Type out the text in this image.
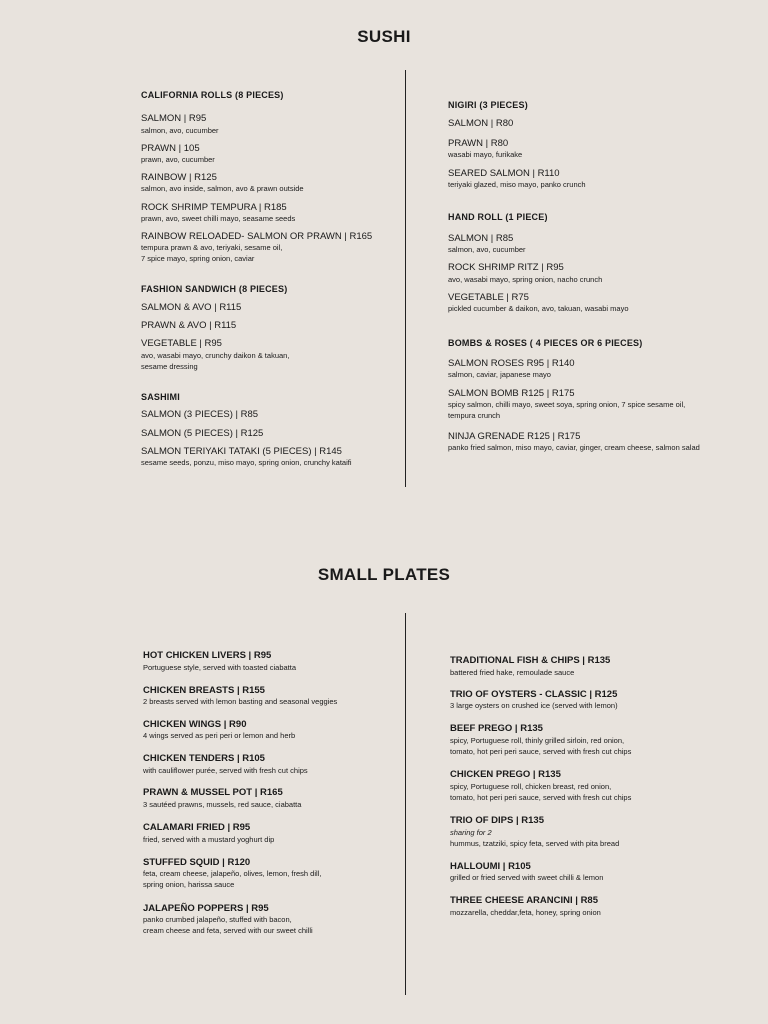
SUSHI
CALIFORNIA ROLLS (8 PIECES)
SALMON | R95
salmon, avo, cucumber
PRAWN | 105
prawn, avo, cucumber
RAINBOW | R125
salmon, avo inside, salmon, avo & prawn outside
ROCK SHRIMP TEMPURA | R185
prawn, avo, sweet chilli mayo, seasame seeds
RAINBOW RELOADED- SALMON OR PRAWN | R165
tempura prawn & avo, teriyaki, sesame oil,
7 spice mayo, spring onion, caviar
FASHION SANDWICH (8 PIECES)
SALMON & AVO | R115
PRAWN & AVO | R115
VEGETABLE | R95
avo, wasabi mayo, crunchy daikon & takuan,
sesame dressing
SASHIMI
SALMON (3 PIECES) | R85
SALMON (5 PIECES) | R125
SALMON TERIYAKI TATAKI (5 PIECES) | R145
sesame seeds, ponzu, miso mayo, spring onion, crunchy kataifi
NIGIRI (3 PIECES)
SALMON | R80
PRAWN | R80
wasabi mayo, furikake
SEARED SALMON | R110
teriyaki glazed, miso mayo, panko crunch
HAND ROLL (1 PIECE)
SALMON | R85
salmon, avo, cucumber
ROCK SHRIMP RITZ | R95
avo, wasabi mayo, spring onion, nacho crunch
VEGETABLE | R75
pickled cucumber & daikon, avo, takuan, wasabi mayo
BOMBS & ROSES ( 4 PIECES OR 6 PIECES)
SALMON ROSES R95 | R140
salmon, caviar, japanese mayo
SALMON BOMB R125 | R175
spicy salmon, chilli mayo, sweet soya, spring onion, 7 spice sesame oil,
tempura crunch
NINJA GRENADE R125 | R175
panko fried salmon, miso mayo, caviar, ginger, cream cheese, salmon salad
SMALL PLATES
HOT CHICKEN LIVERS | R95
Portuguese style, served with toasted ciabatta
CHICKEN BREASTS | R155
2 breasts served with lemon basting and seasonal veggies
CHICKEN WINGS | R90
4 wings served as peri peri or lemon and herb
CHICKEN TENDERS | R105
with cauliflower purée, served with fresh cut chips
PRAWN & MUSSEL POT | R165
3 sautéed prawns, mussels, red sauce, ciabatta
CALAMARI FRIED | R95
fried, served with a mustard yoghurt dip
STUFFED SQUID | R120
feta, cream cheese, jalapeño, olives, lemon, fresh dill,
spring onion, harissa sauce
JALAPEÑO POPPERS | R95
panko crumbed jalapeño, stuffed with bacon,
cream cheese and feta, served with our sweet chilli
TRADITIONAL FISH & CHIPS | R135
battered fried hake, remoulade sauce
TRIO OF OYSTERS - CLASSIC | R125
3 large oysters on crushed ice (served with lemon)
BEEF PREGO | R135
spicy, Portuguese roll, thinly grilled sirloin, red onion,
tomato, hot peri peri sauce, served with fresh cut chips
CHICKEN PREGO | R135
spicy, Portuguese roll, chicken breast, red onion,
tomato, hot peri peri sauce, served with fresh cut chips
TRIO OF DIPS | R135
sharing for 2
hummus, tzatziki, spicy feta, served with pita bread
HALLOUMI | R105
grilled or fried served with sweet chilli & lemon
THREE CHEESE ARANCINI | R85
mozzarella, cheddar,feta, honey, spring onion
